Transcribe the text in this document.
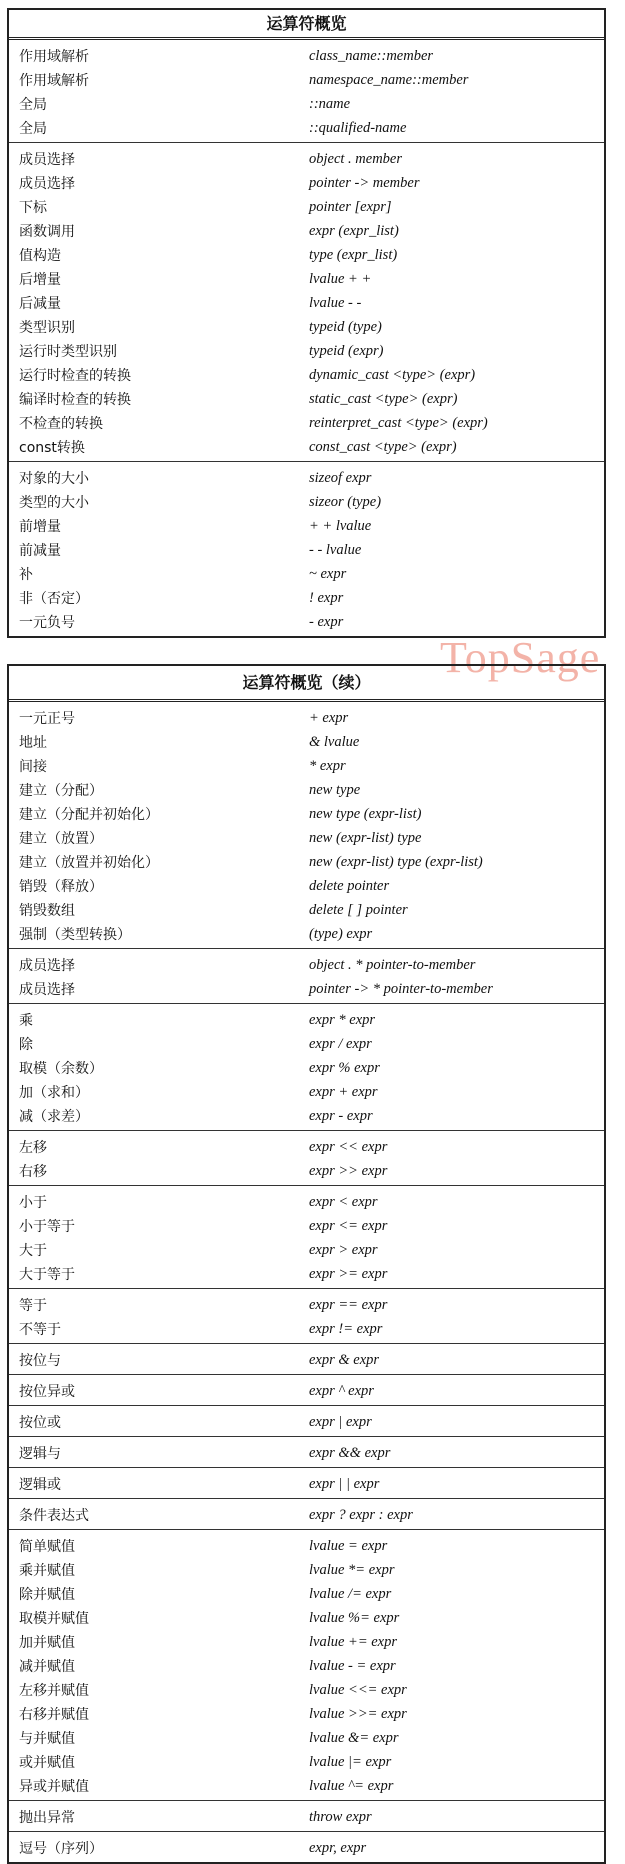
TopSage
运算符概览
作用域解析	class_name::member
作用域解析	namespace_name::member
全局	::name
全局	::qualified-name
成员选择	object . member
成员选择	pointer -> member
下标	pointer [expr]
函数调用	expr (expr_list)
值构造	type (expr_list)
后增量	lvalue + +
后减量	lvalue - -
类型识别	typeid (type)
运行时类型识别	typeid (expr)
运行时检查的转换	dynamic_cast <type> (expr)
编译时检查的转换	static_cast <type> (expr)
不检查的转换	reinterpret_cast <type> (expr)
const转换	const_cast <type> (expr)
对象的大小	sizeof expr
类型的大小	sizeor (type)
前增量	+ + lvalue
前减量	- - lvalue
补	~ expr
非（否定）	! expr
一元负号	- expr
运算符概览（续）
一元正号	+ expr
地址	& lvalue
间接	* expr
建立（分配）	new type
建立（分配并初始化）	new type (expr-list)
建立（放置）	new (expr-list) type
建立（放置并初始化）	new (expr-list) type (expr-list)
销毁（释放）	delete pointer
销毁数组	delete [ ] pointer
强制（类型转换）	(type) expr
成员选择	object . * pointer-to-member
成员选择	pointer -> * pointer-to-member
乘	expr * expr
除	expr / expr
取模（余数）	expr % expr
加（求和）	expr + expr
减（求差）	expr - expr
左移	expr << expr
右移	expr >> expr
小于	expr < expr
小于等于	expr <= expr
大于	expr > expr
大于等于	expr >= expr
等于	expr == expr
不等于	expr != expr
按位与	expr & expr
按位异或	expr ^ expr
按位或	expr | expr
逻辑与	expr && expr
逻辑或	expr | | expr
条件表达式	expr ? expr : expr
简单赋值	lvalue = expr
乘并赋值	lvalue *= expr
除并赋值	lvalue /= expr
取模并赋值	lvalue %= expr
加并赋值	lvalue += expr
减并赋值	lvalue - = expr
左移并赋值	lvalue <<= expr
右移并赋值	lvalue >>= expr
与并赋值	lvalue &= expr
或并赋值	lvalue |= expr
异或并赋值	lvalue ^= expr
抛出异常	throw expr
逗号（序列）	expr, expr
